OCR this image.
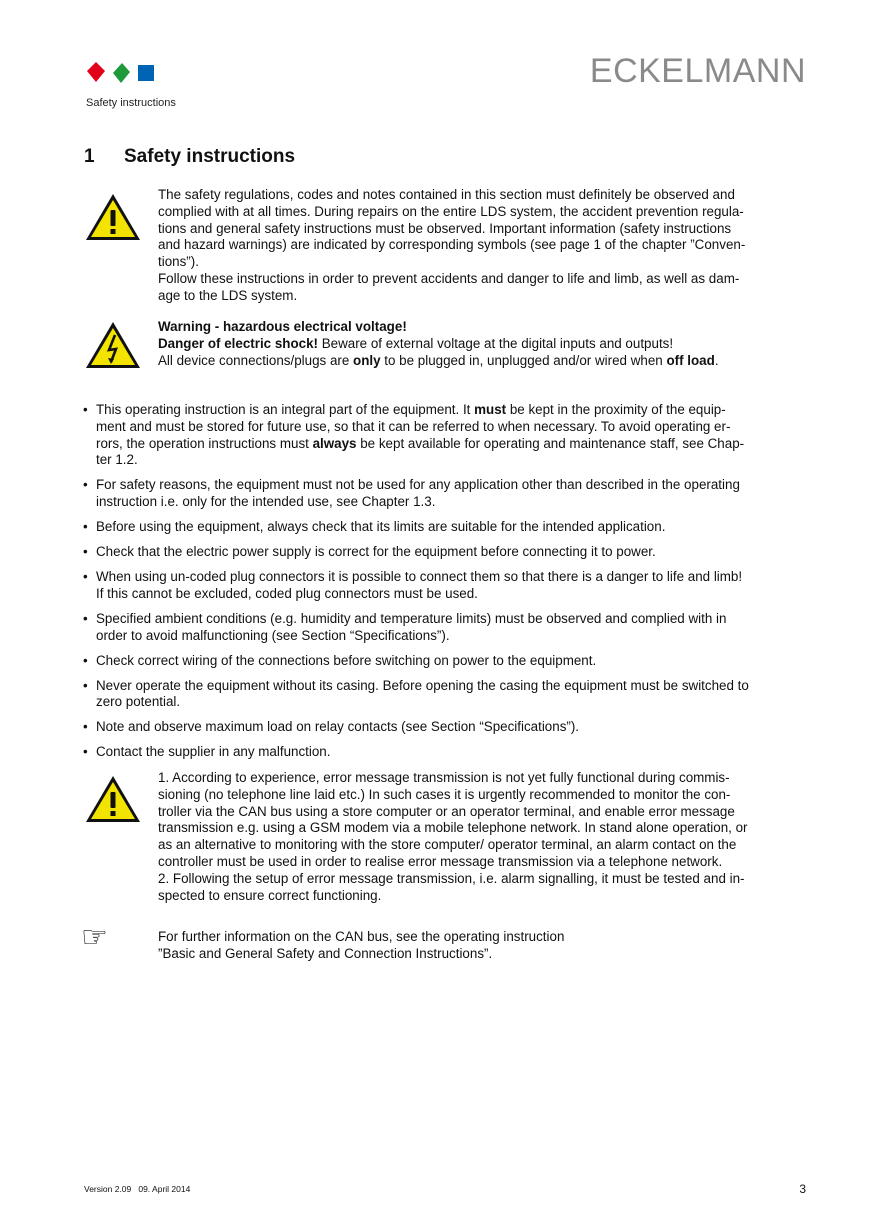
ECKELMANN
Safety instructions
1 Safety instructions

The safety regulations, codes and notes contained in this section must definitely be observed and

complied with at all times. During repairs on the entire LDS system, the accident prevention regula-

tions and general safety instructions must be observed. Important information (safety instructions

and hazard warnings) are indicated by corresponding symbols (see page 1 of the chapter ”Conven-

tions”).

Follow these instructions in order to prevent accidents and danger to life and limb, as well as dam-

age to the LDS system.

Warning - hazardous electrical voltage!

Danger of electric shock! Beware of external voltage at the digital inputs and outputs!

All device connections/plugs are only to be plugged in, unplugged and/or wired when off load.

• This operating instruction is an integral part of the equipment. It must be kept in the proximity of the equip-

ment and must be stored for future use, so that it can be referred to when necessary. To avoid operating er-

rors, the operation instructions must always be kept available for operating and maintenance staff, see Chap-

ter 1.2.

• For safety reasons, the equipment must not be used for any application other than described in the operating

instruction i.e. only for the intended use, see Chapter 1.3.

• Before using the equipment, always check that its limits are suitable for the intended application.

• Check that the electric power supply is correct for the equipment before connecting it to power.

• When using un-coded plug connectors it is possible to connect them so that there is a danger to life and limb!

If this cannot be excluded, coded plug connectors must be used.

• Specified ambient conditions (e.g. humidity and temperature limits) must be observed and complied with in

order to avoid malfunctioning (see Section “Specifications”).

• Check correct wiring of the connections before switching on power to the equipment.

• Never operate the equipment without its casing. Before opening the casing the equipment must be switched to

zero potential.

• Note and observe maximum load on relay contacts (see Section “Specifications”).

• Contact the supplier in any malfunction.

1. According to experience, error message transmission is not yet fully functional during commis-

sioning (no telephone line laid etc.) In such cases it is urgently recommended to monitor the con-

troller via the CAN bus using a store computer or an operator terminal, and enable error message

transmission e.g. using a GSM modem via a mobile telephone network. In stand alone operation, or

as an alternative to monitoring with the store computer/ operator terminal, an alarm contact on the

controller must be used in order to realise error message transmission via a telephone network.

2. Following the setup of error message transmission, i.e. alarm signalling, it must be tested and in-

spected to ensure correct functioning.

☞	For further information on the CAN bus, see the operating instruction

”Basic and General Safety and Connection Instructions”.

Version 2.09   09. April 2014	3
